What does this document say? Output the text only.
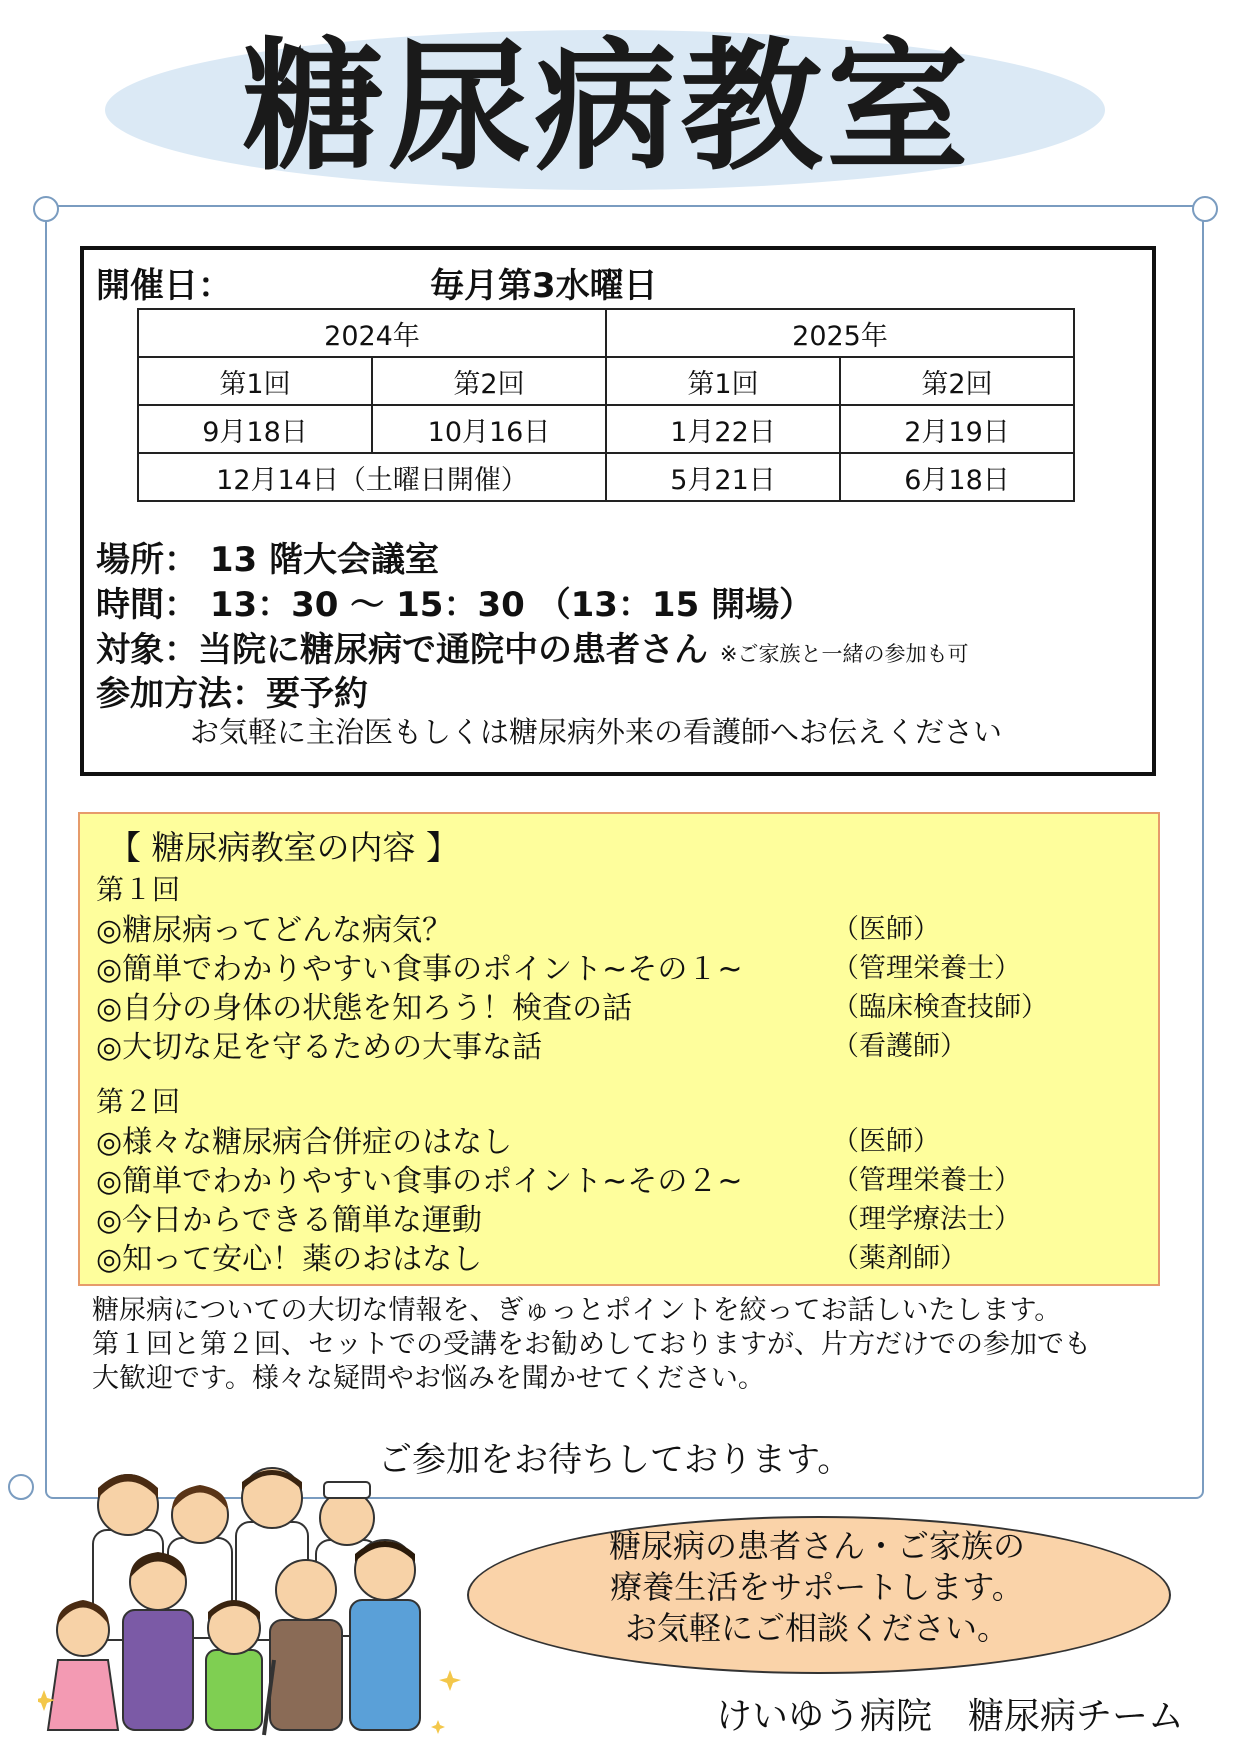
糖尿病教室
開催日：	毎月第3水曜日
2024年		2025年	
第1回	第2回	第1回	第2回
9月18日	10月16日	1月22日	2月19日
12月14日（土曜日開催）		5月21日	6月18日
場所： 13 階大会議室
時間： 13：30 〜 15：30 （13：15 開場）
対象：当院に糖尿病で通院中の患者さん ※ご家族と一緒の参加も可
参加方法：要予約
お気軽に主治医もしくは糖尿病外来の看護師へお伝えください
【 糖尿病教室の内容 】
第１回
◎糖尿病ってどんな病気？	（医師）
◎簡単でわかりやすい食事のポイント~その１~	（管理栄養士）
◎自分の身体の状態を知ろう！検査の話	（臨床検査技師）
◎大切な足を守るための大事な話	（看護師）
第２回
◎様々な糖尿病合併症のはなし	（医師）
◎簡単でわかりやすい食事のポイント~その２~	（管理栄養士）
◎今日からできる簡単な運動	（理学療法士）
◎知って安心！薬のおはなし	（薬剤師）
糖尿病についての大切な情報を、ぎゅっとポイントを絞ってお話しいたします。
第１回と第２回、セットでの受講をお勧めしておりますが、片方だけでの参加でも
大歓迎です。様々な疑問やお悩みを聞かせてください。
ご参加をお待ちしております。
糖尿病の患者さん・ご家族の
療養生活をサポートします。
お気軽にご相談ください。
けいゆう病院　糖尿病チーム
